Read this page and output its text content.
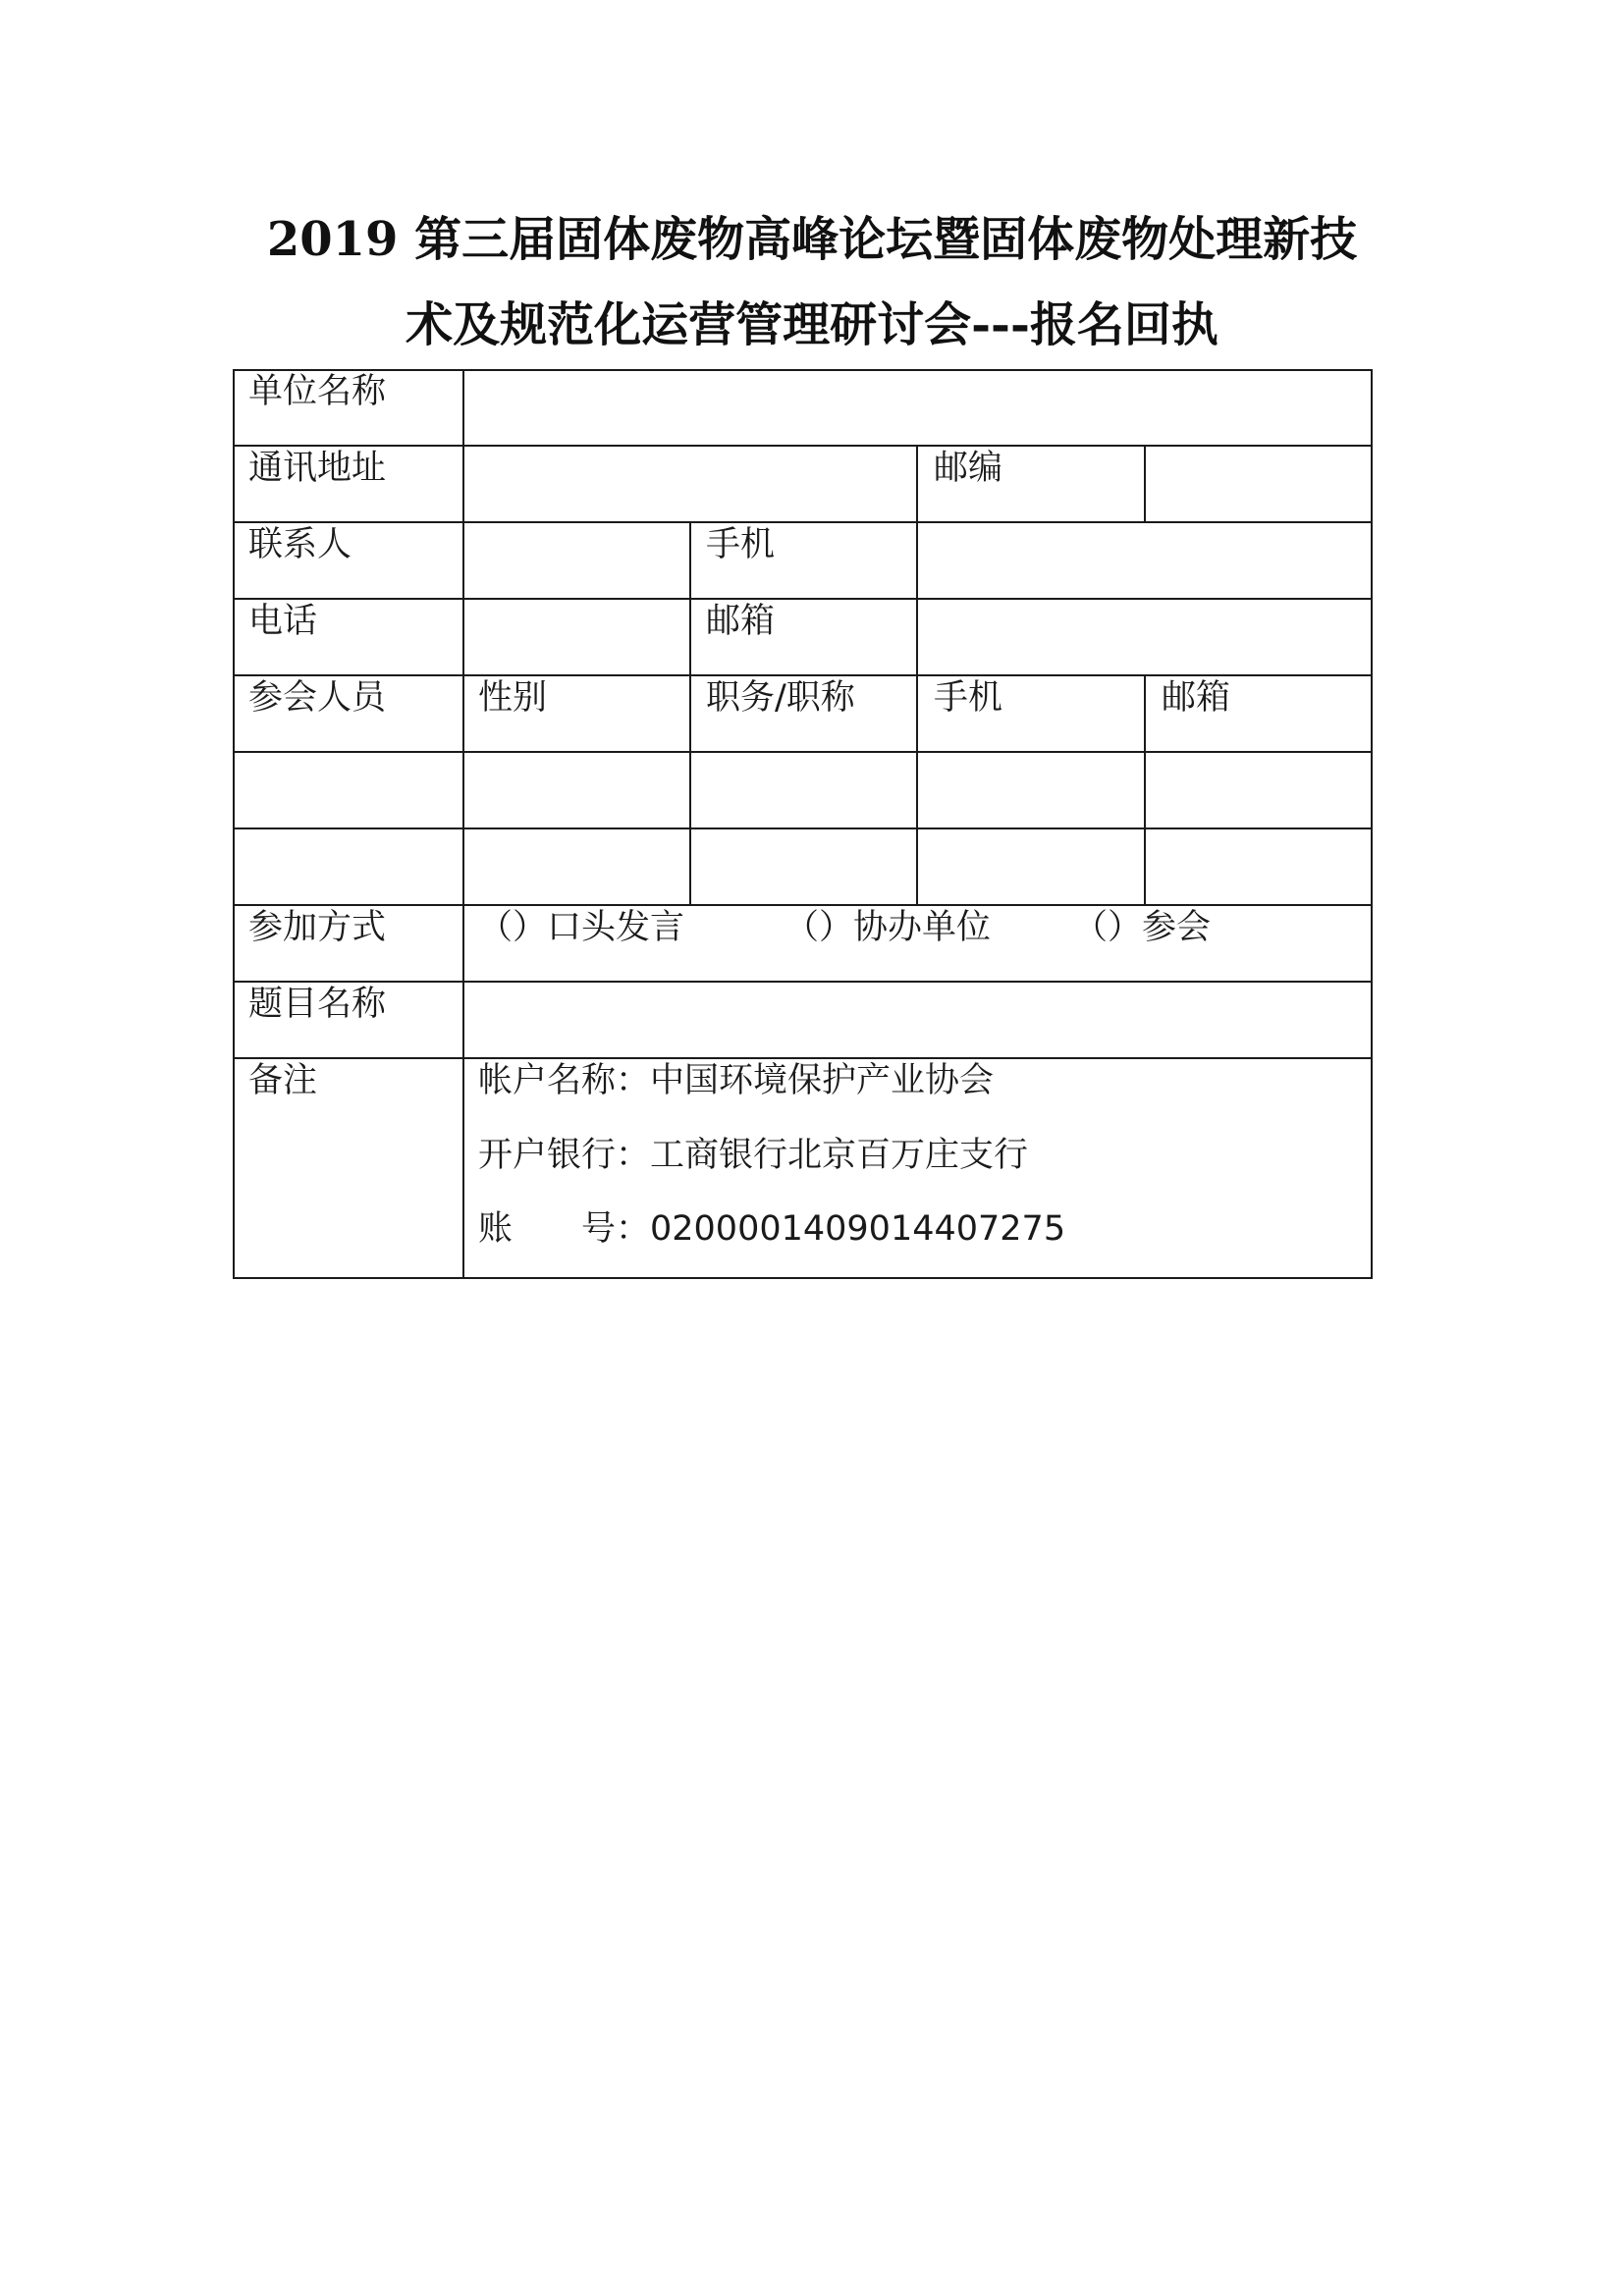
2019 第三届固体废物高峰论坛暨固体废物处理新技
术及规范化运营管理研讨会---报名回执
单位名称
通讯地址	邮编
联系人	手机
电话	邮箱
参会人员	性别	职务/职称 手机	邮箱
参加方式	（）口头发言	（）协办单位 （）参会
题目名称
备注	帐户名称：中国环境保护产业协会
开户银行：工商银行北京百万庄支行
账　　号：0200001409014407275
